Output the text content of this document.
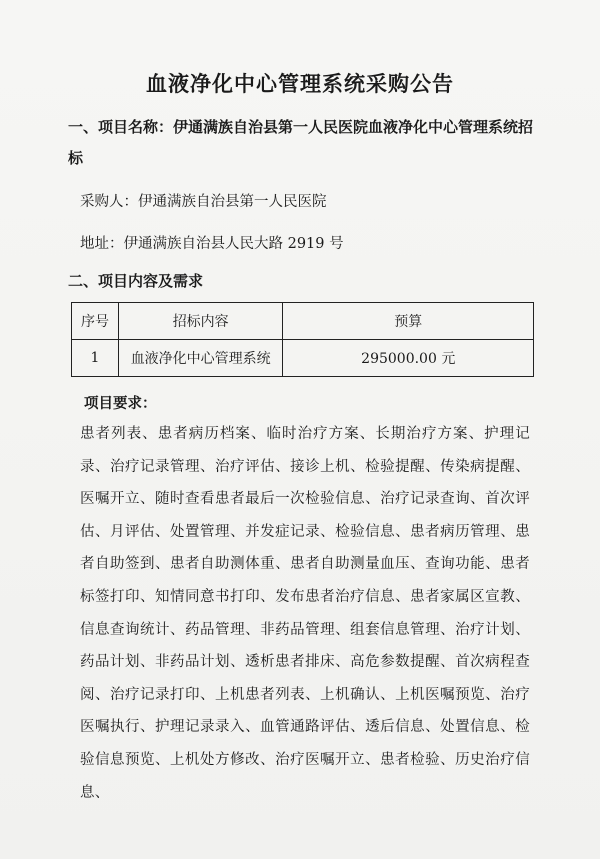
血液净化中心管理系统采购公告
一、项目名称：伊通满族自治县第一人民医院血液净化中心管理系统招标
采购人：伊通满族自治县第一人民医院
地址：伊通满族自治县人民大路 2919 号
二、项目内容及需求
序号	招标内容	预算
1	血液净化中心管理系统	295000.00 元
项目要求：
患者列表、患者病历档案、临时治疗方案、长期治疗方案、护理记录、治疗记录管理、治疗评估、接诊上机、检验提醒、传染病提醒、医嘱开立、随时查看患者最后一次检验信息、治疗记录查询、首次评估、月评估、处置管理、并发症记录、检验信息、患者病历管理、患者自助签到、患者自助测体重、患者自助测量血压、查询功能、患者标签打印、知情同意书打印、发布患者治疗信息、患者家属区宣教、信息查询统计、药品管理、非药品管理、组套信息管理、治疗计划、药品计划、非药品计划、透析患者排床、高危参数提醒、首次病程查阅、治疗记录打印、上机患者列表、上机确认、上机医嘱预览、治疗医嘱执行、护理记录录入、血管通路评估、透后信息、处置信息、检验信息预览、上机处方修改、治疗医嘱开立、患者检验、历史治疗信息、
